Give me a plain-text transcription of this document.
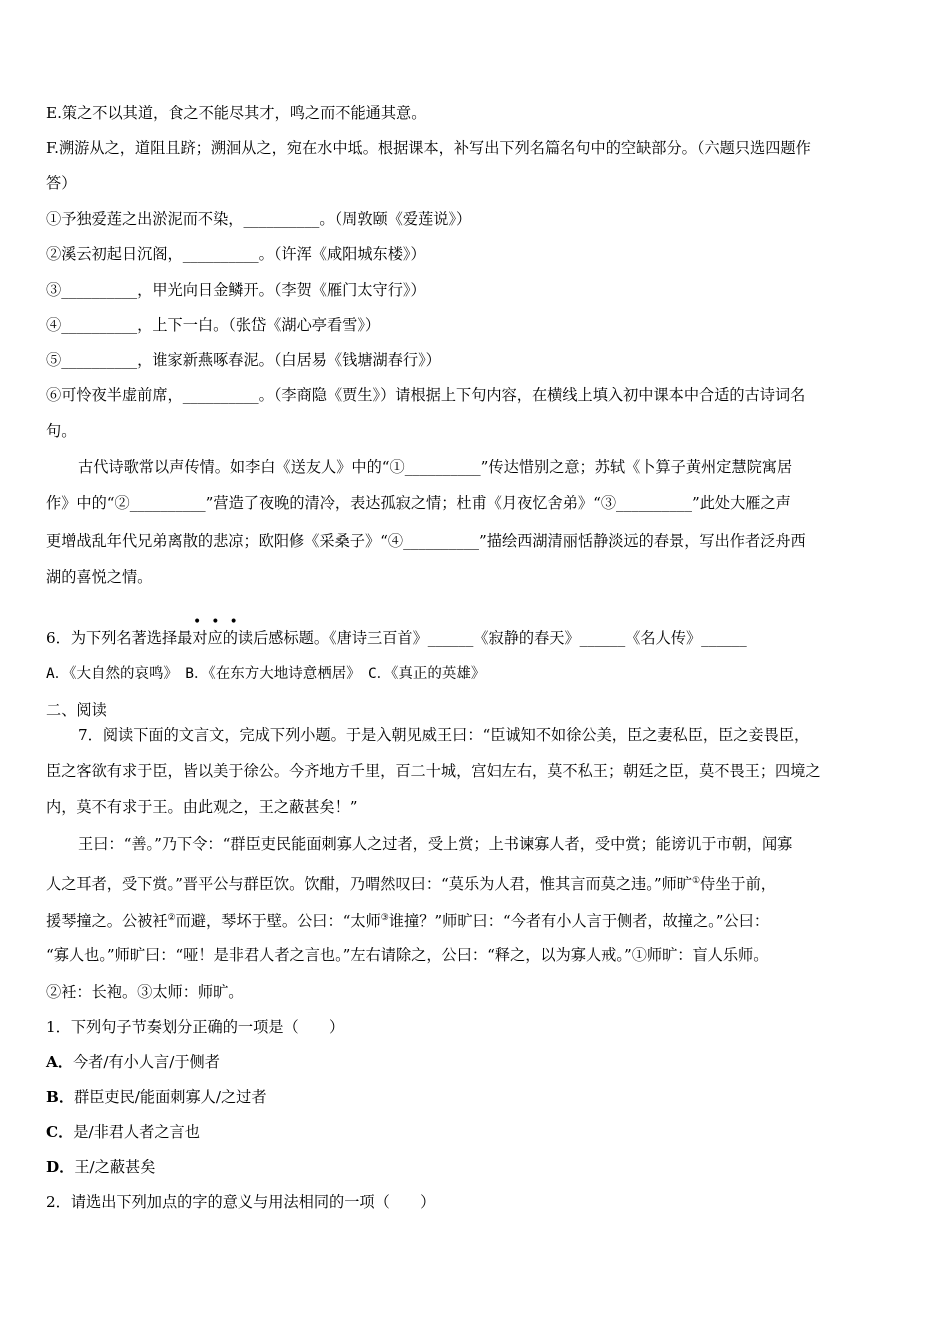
E.策之不以其道，食之不能尽其才，鸣之而不能通其意。
F.溯游从之，道阻且跻；溯洄从之，宛在水中坻。根据课本，补写出下列名篇名句中的空缺部分。（六题只选四题作
答）
①予独爱莲之出淤泥而不染，__________。（周敦颐《爱莲说》）
②溪云初起日沉阁，__________。（许浑《咸阳城东楼》）
③__________，甲光向日金鳞开。（李贺《雁门太守行》）
④__________，上下一白。（张岱《湖心亭看雪》）
⑤__________，谁家新燕啄春泥。（白居易《钱塘湖春行》）
⑥可怜夜半虚前席，__________。（李商隐《贾生》）请根据上下句内容，在横线上填入初中课本中合适的古诗词名
句。
古代诗歌常以声传情。如李白《送友人》中的“①__________”传达惜别之意；苏轼《卜算子黄州定慧院寓居
作》中的“②__________”营造了夜晚的清冷，表达孤寂之情；杜甫《月夜忆舍弟》“③__________”此处大雁之声
更增战乱年代兄弟离散的悲凉；欧阳修《采桑子》“④__________”描绘西湖清丽恬静淡远的春景，写出作者泛舟西
湖的喜悦之情。
•••
6．为下列名著选择最对应的读后感标题。《唐诗三百首》______《寂静的春天》______《名人传》______
A．《大自然的哀鸣》　B．《在东方大地诗意栖居》　C．《真正的英雄》
二、阅读
7．阅读下面的文言文，完成下列小题。于是入朝见威王曰：“臣诚知不如徐公美，臣之妻私臣，臣之妾畏臣，
臣之客欲有求于臣，皆以美于徐公。今齐地方千里，百二十城，宫妇左右，莫不私王；朝廷之臣，莫不畏王；四境之
内，莫不有求于王。由此观之，王之蔽甚矣！”
王曰：“善。”乃下令：“群臣吏民能面刺寡人之过者，受上赏；上书谏寡人者，受中赏；能谤讥于市朝，闻寡
人之耳者，受下赏。”晋平公与群臣饮。饮酣，乃喟然叹曰：“莫乐为人君，惟其言而莫之违。”师旷①侍坐于前，
援琴撞之。公被衽②而避，琴坏于壁。公曰：“太师③谁撞？”师旷曰：“今者有小人言于侧者，故撞之。”公曰：
“寡人也。”师旷曰：“哑！是非君人者之言也。”左右请除之，公曰：“释之，以为寡人戒。”①师旷：盲人乐师。
②衽：长袍。③太师：师旷。
1．下列句子节奏划分正确的一项是（　　）
A．今者/有小人言/于侧者
B．群臣吏民/能面刺寡人/之过者
C．是/非君人者之言也
D．王/之蔽甚矣
2．请选出下列加点的字的意义与用法相同的一项（　　）
